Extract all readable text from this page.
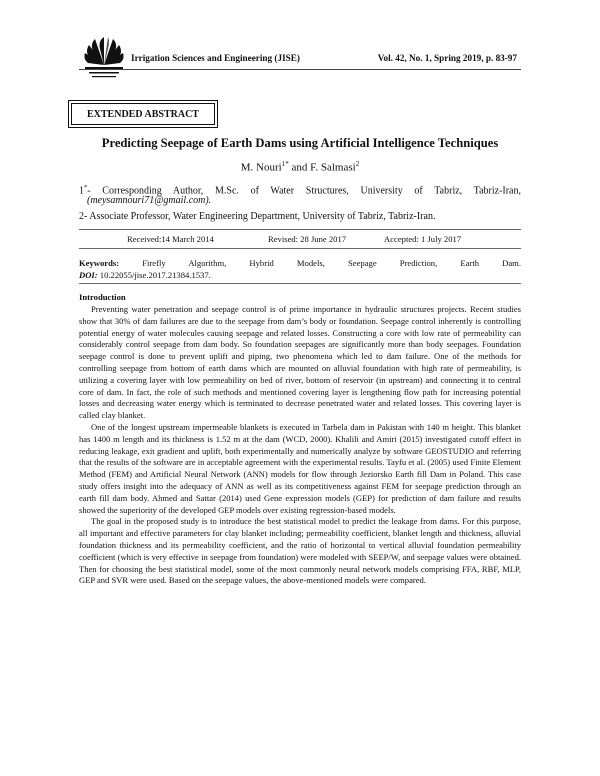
Irrigation Sciences and Engineering (JISE)	Vol. 42, No. 1, Spring 2019, p. 83-97
EXTENDED ABSTRACT
Predicting Seepage of Earth Dams using Artificial Intelligence Techniques
M. Nouri$^{1*}$ and F. Salmasi$^2$
1*- Corresponding Author, M.Sc. of Water Structures, University of Tabriz, Tabriz-Iran,
(meysamnouri71@gmail.com).
2- Associate Professor, Water Engineering Department, University of Tabriz, Tabriz-Iran.
Received:14 March 2014	Revised: 28 June 2017	Accepted: 1 July 2017
Keywords:	Firefly Algorithm, Hybrid Models, Seepage Prediction, Earth Dam.
DOI: 10.22055/jise.2017.21384.1537.
Introduction

Preventing water penetration and seepage control is of prime importance in hydraulic structures projects. Recent studies show that 30% of dam failures are due to the seepage from dam’s body or foundation. Seepage control inherently is controlling potential energy of water molecules causing seepage and related losses. Constructing a core with low rate of permeability can considerably control seepage from dam body. So foundation seepages are significantly more than body seepages. Foundation seepage control is done to prevent uplift and piping, two phenomena which led to dam failure. One of the methods for controlling seepage from bottom of earth dams which are mounted on alluvial foundation with high rate of permeability, is utilizing a covering layer with low permeability on bed of river, bottom of reservoir (in upstream) and connecting it to central core of dam. In fact, the role of such methods and mentioned covering layer is lengthening flow path for increasing potential losses and decreasing water energy which is terminated to decrease penetrated water and related losses. This covering layer is called clay blanket.

One of the longest upstream impermeable blankets is executed in Tarbela dam in Pakistan with 140 m height. This blanket has 1400 m length and its thickness is 1.52 m at the dam (WCD, 2000). Khalili and Amiri (2015) investigated cutoff effect in reducing leakage, exit gradient and uplift, both experimentally and numerically analyze by software GEOSTUDIO and referring that the results of the software are in acceptable agreement with the experimental results. Tayfu et al. (2005) used Finite Element Method (FEM) and Artificial Neural Network (ANN) models for flow through Jeziorsko Earth fill Dam in Poland. This case study offers insight into the adequacy of ANN as well as its competitiveness against FEM for seepage prediction through an earth fill dam body. Ahmed and Sattar (2014) used Gene expression models (GEP) for prediction of dam failure and results showed the superiority of the developed GEP models over existing regression-based models.

The goal in the proposed study is to introduce the best statistical model to predict the leakage from dams. For this purpose, all important and effective parameters for clay blanket including; permeability coefficient, blanket length and thickness, alluvial foundation thickness and its permeability coefficient, and the ratio of horizontal to vertical alluvial foundation permeability coefficient (which is very effective in seepage from foundation) were modeled with SEEP/W, and seepage values were obtained. Then for choosing the best statistical model, some of the most commonly neural network models comprising FFA, RBF, MLP, GEP and SVR were used. Based on the seepage values, the above-mentioned models were compared.
